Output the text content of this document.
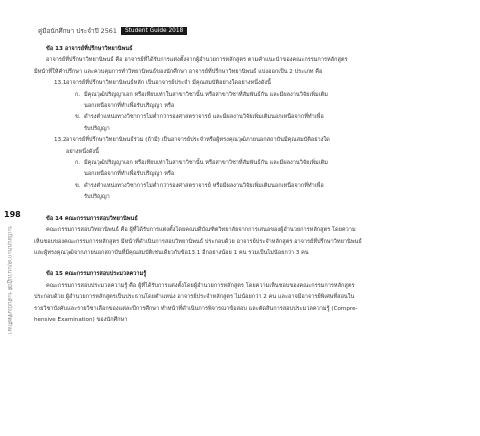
คู่มือนักศึกษา ประจำปี 2561	Student Guide 2018
198
ระเบียบ/ประกาศ/แนวปฏิบัติ ระดับบัณฑิตศึกษา

ข้อ 13 อาจารย์ที่ปรึกษาวิทยานิพนธ์

อาจารย์ที่ปรึกษาวิทยานิพนธ์ คือ อาจารย์ที่ได้รับการแต่งตั้งจากผู้อำนวยการหลักสูตร ตามคำแนะนำของคณะกรรมการหลักสูตร
มีหน้าที่ให้คำปรึกษา และควบคุมการทำวิทยานิพนธ์ของนักศึกษา อาจารย์ที่ปรึกษาวิทยานิพนธ์ แบ่งออกเป็น 2 ประเภท คือ

13.1 อาจารย์ที่ปรึกษาวิทยานิพนธ์หลัก เป็นอาจารย์ประจำ มีคุณสมบัติอย่างใดอย่างหนึ่งดังนี้
ก. มีคุณวุฒิปริญญาเอก หรือเทียบเท่าในสาขาวิชานั้น หรือสาขาวิชาที่สัมพันธ์กัน และมีผลงานวิจัยเพิ่มเติม
นอกเหนือจากที่ทำเพื่อรับปริญญา หรือ
ข. ดำรงตำแหน่งทางวิชาการไม่ต่ำกว่ารองศาสตราจารย์ และมีผลงานวิจัยเพิ่มเติมนอกเหนือจากที่ทำเพื่อ
รับปริญญา
13.2 อาจารย์ที่ปรึกษาวิทยานิพนธ์ร่วม (ถ้ามี) เป็นอาจารย์ประจำหรือผู้ทรงคุณวุฒิภายนอกสถาบันมีคุณสมบัติอย่างใด
อย่างหนึ่งดังนี้
ก. มีคุณวุฒิปริญญาเอก หรือเทียบเท่าในสาขาวิชานั้น หรือสาขาวิชาที่สัมพันธ์กัน และมีผลงานวิจัยเพิ่มเติม
นอกเหนือจากที่ทำเพื่อรับปริญญา หรือ
ข. ดำรงตำแหน่งทางวิชาการไม่ต่ำกว่ารองศาสตราจารย์ หรือมีผลงานวิจัยเพิ่มเติมนอกเหนือจากที่ทำเพื่อ
รับปริญญา

ข้อ 14 คณะกรรมการสอบวิทยานิพนธ์

คณะกรรมการสอบวิทยานิพนธ์ คือ ผู้ที่ได้รับการแต่งตั้งโดยคณบดีบัณฑิตวิทยาลัยจากการเสนอของผู้อำนวยการหลักสูตร โดยความ
เห็นชอบของคณะกรรมการหลักสูตร มีหน้าที่ดำเนินการสอบวิทยานิพนธ์ ประกอบด้วย อาจารย์ประจำหลักสูตร อาจารย์ที่ปรึกษาวิทยานิพนธ์
และผู้ทรงคุณวุฒิจากภายนอกสถาบันที่มีคุณสมบัติเช่นเดียวกับข้อ13.1 อีกอย่างน้อย 1 คน รวมเป็นไม่น้อยกว่า 3 คน

ข้อ 15 คณะกรรมการสอบประมวลความรู้

คณะกรรมการสอบประมวลความรู้ คือ ผู้ที่ได้รับการแต่งตั้งโดยผู้อำนวยการหลักสูตร โดยความเห็นชอบของคณะกรรมการหลักสูตร
ประกอบด้วย ผู้อำนวยการหลักสูตรเป็นประธานโดยตำแหน่ง อาจารย์ประจำหลักสูตร ไม่น้อยกว่า 2 คน และอาจมีอาจารย์พิเศษที่สอนใน
รายวิชาบังคับและรายวิชาเลือกของแต่ละปีการศึกษา ทำหน้าที่ดำเนินการพิจารณาข้อสอบ และตัดสินการสอบประมวลความรู้ (Compre-
hensive Examination) ของนักศึกษา
